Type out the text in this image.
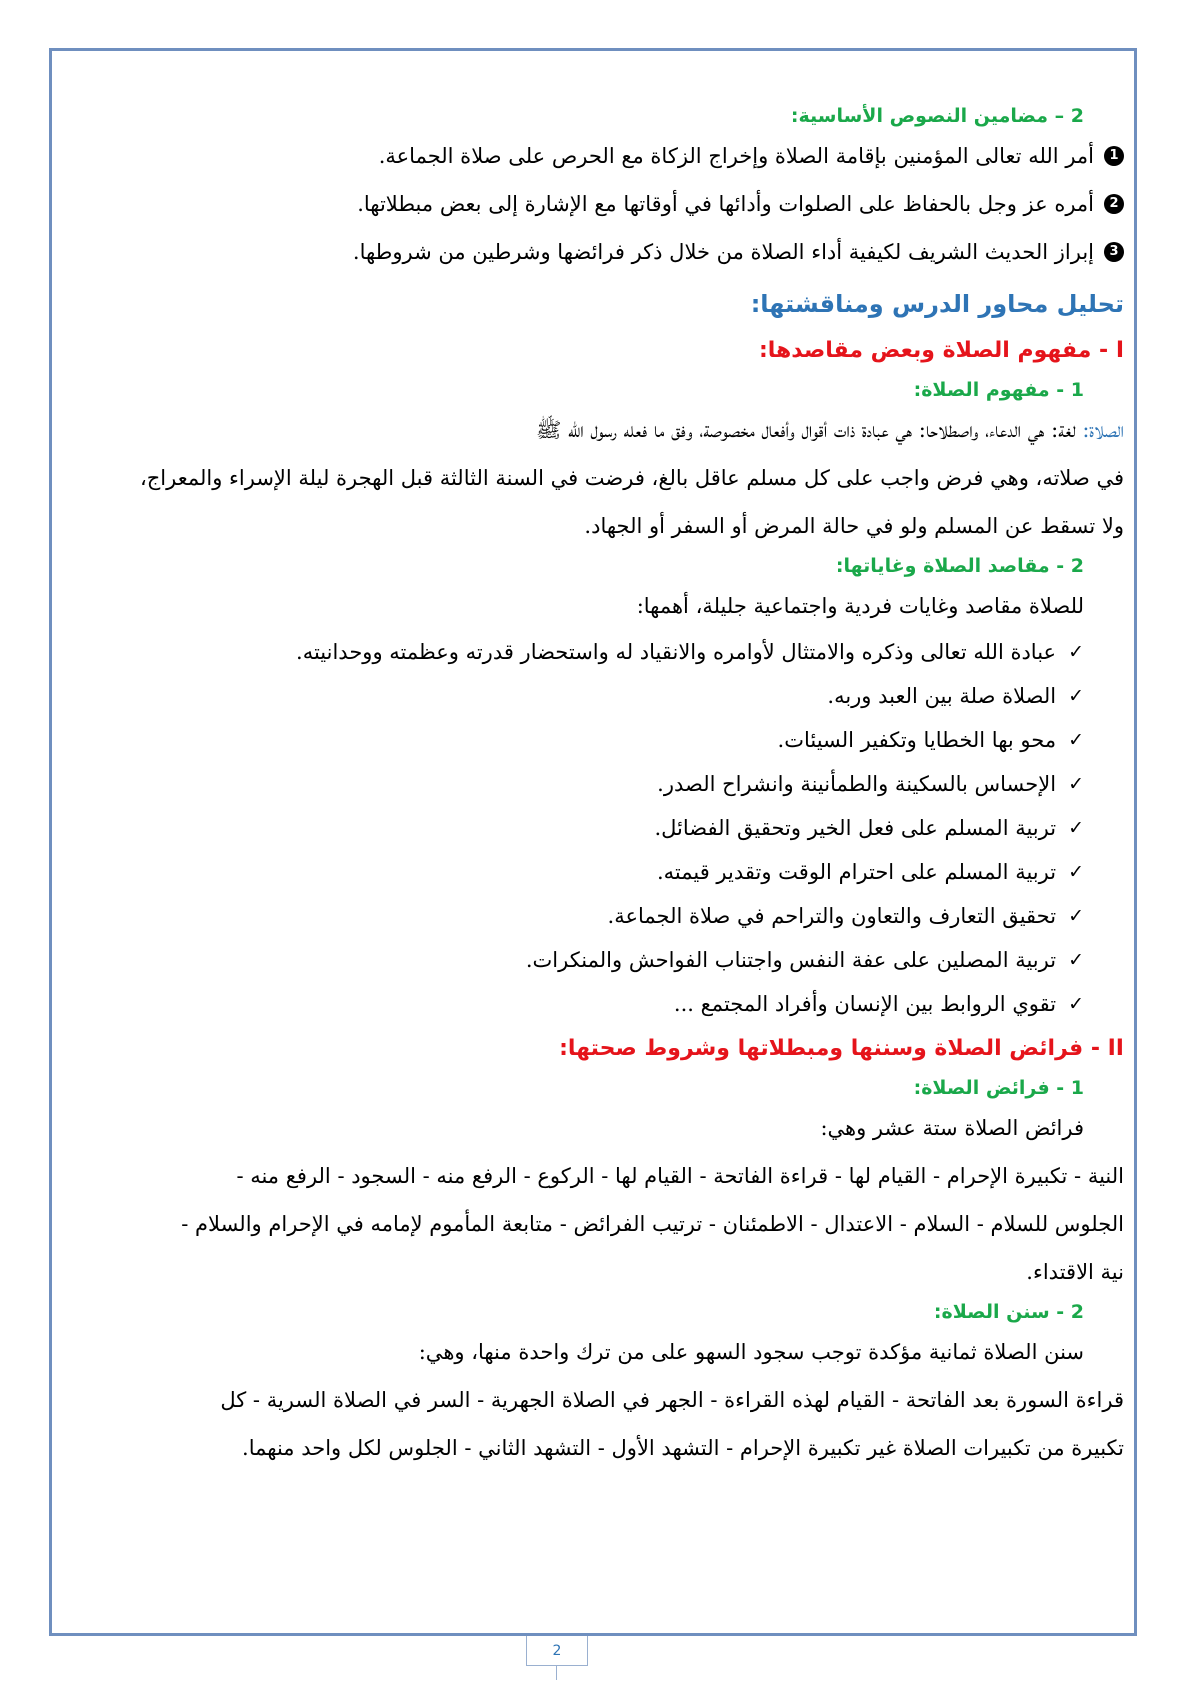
2 – مضامين النصوص الأساسية:

1
أمر الله تعالى المؤمنين بإقامة الصلاة وإخراج الزكاة مع الحرص على صلاة الجماعة.

2
أمره عز وجل بالحفاظ على الصلوات وأدائها في أوقاتها مع الإشارة إلى بعض مبطلاتها.

3
إبراز الحديث الشريف لكيفية أداء الصلاة من خلال ذكر فرائضها وشرطين من شروطها.

تحليل محاور الدرس ومناقشتها:
I - مفهوم الصلاة وبعض مقاصدها:
1 - مفهوم الصلاة:

الصلاة: لغة: هي الدعاء، واصطلاحا: هي عبادة ذات أقوال وأفعال مخصوصة، وفق ما فعله رسول الله ﷺ

في صلاته، وهي فرض واجب على كل مسلم عاقل بالغ، فرضت في السنة الثالثة قبل الهجرة ليلة الإسراء والمعراج،

ولا تسقط عن المسلم ولو في حالة المرض أو السفر أو الجهاد.

2 - مقاصد الصلاة وغاياتها:

للصلاة مقاصد وغايات فردية واجتماعية جليلة، أهمها:

✓
عبادة الله تعالى وذكره والامتثال لأوامره والانقياد له واستحضار قدرته وعظمته ووحدانيته.
✓
الصلاة صلة بين العبد وربه.
✓
محو بها الخطايا وتكفير السيئات.
✓
الإحساس بالسكينة والطمأنينة وانشراح الصدر.
✓
تربية المسلم على فعل الخير وتحقيق الفضائل.
✓
تربية المسلم على احترام الوقت وتقدير قيمته.
✓
تحقيق التعارف والتعاون والتراحم في صلاة الجماعة.
✓
تربية المصلين على عفة النفس واجتناب الفواحش والمنكرات.
✓
تقوي الروابط بين الإنسان وأفراد المجتمع ...
II - فرائض الصلاة وسننها ومبطلاتها وشروط صحتها:
1 - فرائض الصلاة:

فرائض الصلاة ستة عشر وهي:

النية - تكبيرة الإحرام - القيام لها - قراءة الفاتحة - القيام لها - الركوع - الرفع منه - السجود - الرفع منه -

الجلوس للسلام - السلام - الاعتدال - الاطمئنان - ترتيب الفرائض - متابعة المأموم لإمامه في الإحرام والسلام -

نية الاقتداء.

2 - سنن الصلاة:

سنن الصلاة ثمانية مؤكدة توجب سجود السهو على من ترك واحدة منها، وهي:

قراءة السورة بعد الفاتحة - القيام لهذه القراءة - الجهر في الصلاة الجهرية - السر في الصلاة السرية - كل

تكبيرة من تكبيرات الصلاة غير تكبيرة الإحرام - التشهد الأول - التشهد الثاني - الجلوس لكل واحد منهما.

2
